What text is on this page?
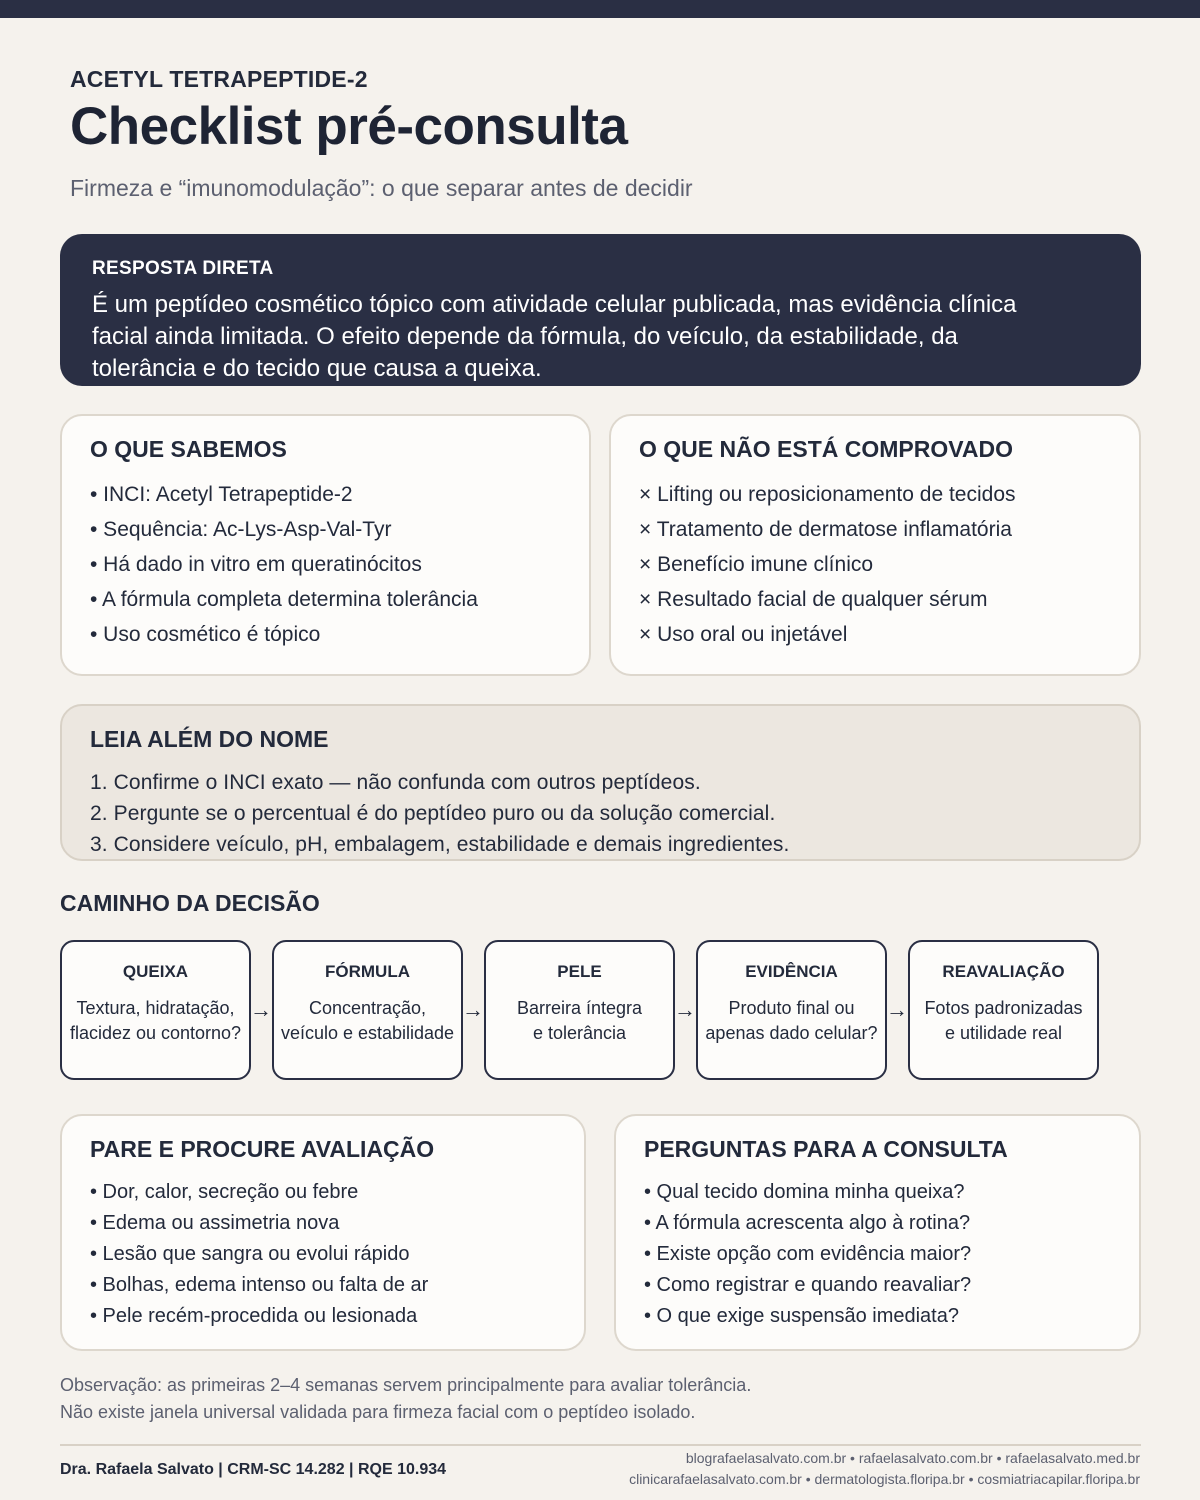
ACETYL TETRAPEPTIDE-2
Checklist pré-consulta
Firmeza e “imunomodulação”: o que separar antes de decidir
RESPOSTA DIRETA
É um peptídeo cosmético tópico com atividade celular publicada, mas evidência clínica facial ainda limitada. O efeito depende da fórmula, do veículo, da estabilidade, da tolerância e do tecido que causa a queixa.
O QUE SABEMOS
• INCI: Acetyl Tetrapeptide-2
• Sequência: Ac-Lys-Asp-Val-Tyr
• Há dado in vitro em queratinócitos
• A fórmula completa determina tolerância
• Uso cosmético é tópico
O QUE NÃO ESTÁ COMPROVADO
× Lifting ou reposicionamento de tecidos
× Tratamento de dermatose inflamatória
× Benefício imune clínico
× Resultado facial de qualquer sérum
× Uso oral ou injetável
LEIA ALÉM DO NOME
1. Confirme o INCI exato — não confunda com outros peptídeos.
2. Pergunte se o percentual é do peptídeo puro ou da solução comercial.
3. Considere veículo, pH, embalagem, estabilidade e demais ingredientes.
CAMINHO DA DECISÃO
QUEIXA
Textura, hidratação,
flacidez ou contorno?
→
FÓRMULA
Concentração,
veículo e estabilidade
→
PELE
Barreira íntegra
e tolerância
→
EVIDÊNCIA
Produto final ou
apenas dado celular?
→
REAVALIAÇÃO
Fotos padronizadas
e utilidade real
PARE E PROCURE AVALIAÇÃO
• Dor, calor, secreção ou febre
• Edema ou assimetria nova
• Lesão que sangra ou evolui rápido
• Bolhas, edema intenso ou falta de ar
• Pele recém-procedida ou lesionada
PERGUNTAS PARA A CONSULTA
• Qual tecido domina minha queixa?
• A fórmula acrescenta algo à rotina?
• Existe opção com evidência maior?
• Como registrar e quando reavaliar?
• O que exige suspensão imediata?
Observação: as primeiras 2–4 semanas servem principalmente para avaliar tolerância.
Não existe janela universal validada para firmeza facial com o peptídeo isolado.
Dra. Rafaela Salvato | CRM-SC 14.282 | RQE 10.934
blografaelasalvato.com.br • rafaelasalvato.com.br • rafaelasalvato.med.br
clinicarafaelasalvato.com.br • dermatologista.floripa.br • cosmiatriacapilar.floripa.br
